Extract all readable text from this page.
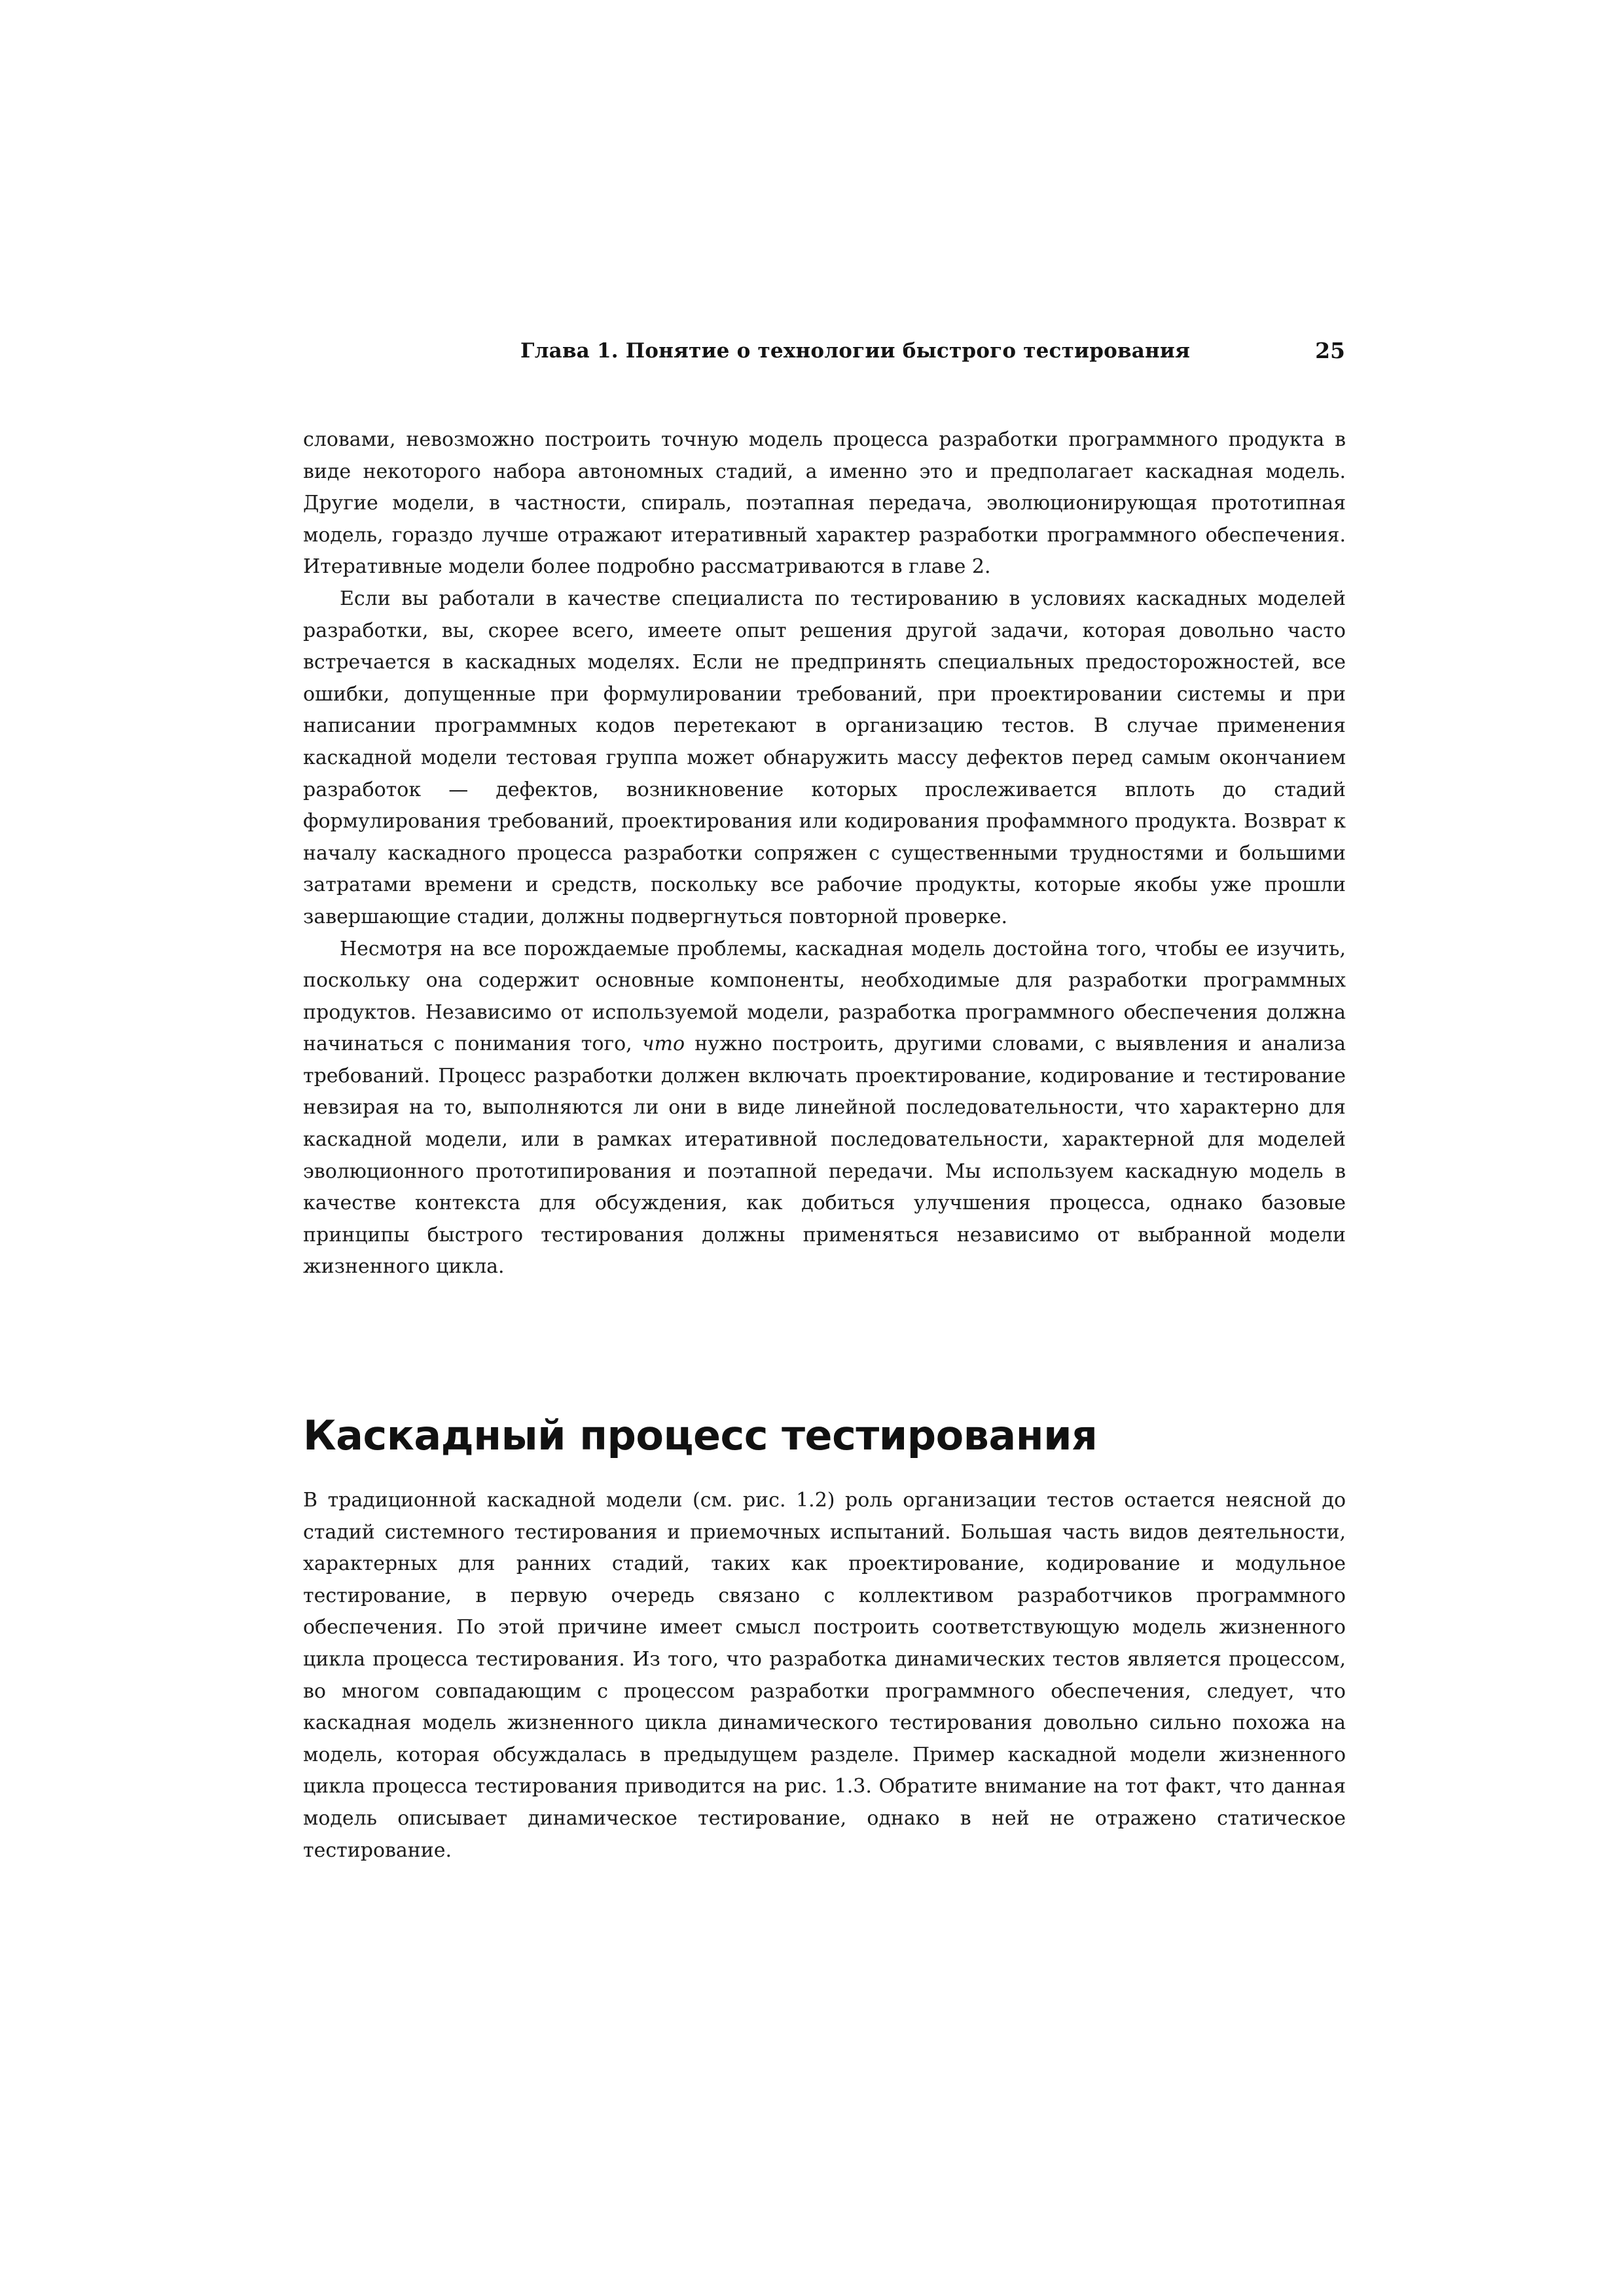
Глава 1. Понятие о технологии быстрого тестирования	25

словами, невозможно построить точную модель процесса разработки программного продукта в виде некоторого набора автономных стадий, а именно это и предполагает каскадная модель. Другие модели, в частности, спираль, поэтапная передача, эволюционирующая прототипная модель, гораздо лучше отражают итеративный характер разработки программного обеспечения. Итеративные модели более подробно рассматриваются в главе 2.

Если вы работали в качестве специалиста по тестированию в условиях каскадных моделей разработки, вы, скорее всего, имеете опыт решения другой задачи, которая довольно часто встречается в каскадных моделях. Если не предпринять специальных предосторожностей, все ошибки, допущенные при формулировании требований, при проектировании системы и при написании программных кодов перетекают в организацию тестов. В случае применения каскадной модели тестовая группа может обнаружить массу дефектов перед самым окончанием разработок — дефектов, возникновение которых прослеживается вплоть до стадий формулирования требований, проектирования или кодирования профаммного продукта. Возврат к началу каскадного процесса разработки сопряжен с существенными трудностями и большими затратами времени и средств, поскольку все рабочие продукты, которые якобы уже прошли завершающие стадии, должны подвергнуться повторной проверке.

Несмотря на все порождаемые проблемы, каскадная модель достойна того, чтобы ее изучить, поскольку она содержит основные компоненты, необходимые для разработки программных продуктов. Независимо от используемой модели, разработка программного обеспечения должна начинаться с понимания того, что нужно построить, другими словами, с выявления и анализа требований. Процесс разработки должен включать проектирование, кодирование и тестирование невзирая на то, выполняются ли они в виде линейной последовательности, что характерно для каскадной модели, или в рамках итеративной последовательности, характерной для моделей эволюционного прототипирования и поэтапной передачи. Мы используем каскадную модель в качестве контекста для обсуждения, как добиться улучшения процесса, однако базовые принципы быстрого тестирования должны применяться независимо от выбранной модели жизненного цикла.

Каскадный процесс тестирования

В традиционной каскадной модели (см. рис. 1.2) роль организации тестов остается неясной до стадий системного тестирования и приемочных испытаний. Большая часть видов деятельности, характерных для ранних стадий, таких как проектирование, кодирование и модульное тестирование, в первую очередь связано с коллективом разработчиков программного обеспечения. По этой причине имеет смысл построить соответствующую модель жизненного цикла процесса тестирования. Из того, что разработка динамических тестов является процессом, во многом совпадающим с процессом разработки программного обеспечения, следует, что каскадная модель жизненного цикла динамического тестирования довольно сильно похожа на модель, которая обсуждалась в предыдущем разделе. Пример каскадной модели жизненного цикла процесса тестирования приводится на рис. 1.3. Обратите внимание на тот факт, что данная модель описывает динамическое тестирование, однако в ней не отражено статическое тестирование.
